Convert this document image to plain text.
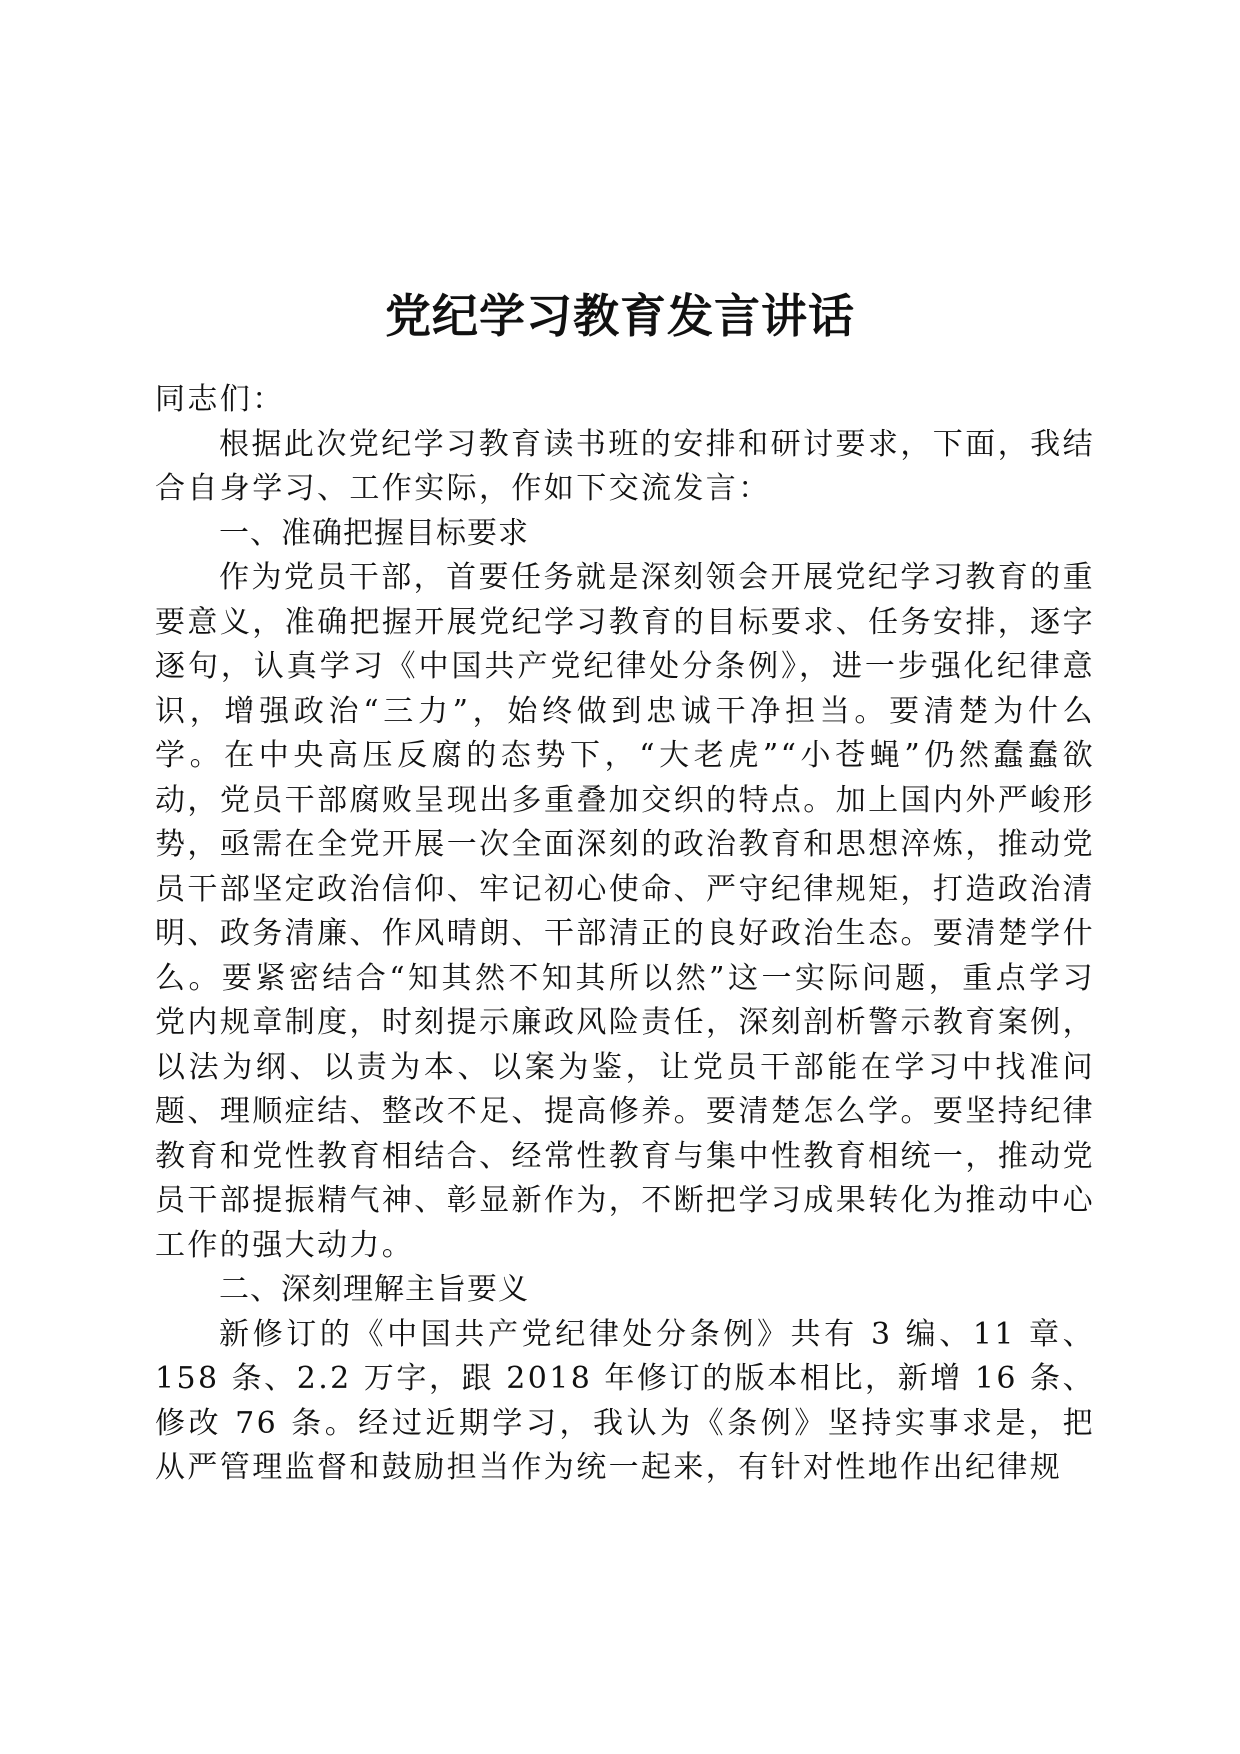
党纪学习教育发言讲话

同志们：

根据此次党纪学习教育读书班的安排和研讨要求，下面，我结合自身学习、工作实际，作如下交流发言：

一、准确把握目标要求

作为党员干部，首要任务就是深刻领会开展党纪学习教育的重要意义，准确把握开展党纪学习教育的目标要求、任务安排，逐字逐句，认真学习《中国共产党纪律处分条例》，进一步强化纪律意识，增强政治“三力”，始终做到忠诚干净担当。要清楚为什么学。在中央高压反腐的态势下，“大老虎”“小苍蝇”仍然蠢蠢欲动，党员干部腐败呈现出多重叠加交织的特点。加上国内外严峻形势，亟需在全党开展一次全面深刻的政治教育和思想淬炼，推动党员干部坚定政治信仰、牢记初心使命、严守纪律规矩，打造政治清明、政务清廉、作风晴朗、干部清正的良好政治生态。要清楚学什么。要紧密结合“知其然不知其所以然”这一实际问题，重点学习党内规章制度，时刻提示廉政风险责任，深刻剖析警示教育案例，以法为纲、以责为本、以案为鉴，让党员干部能在学习中找准问题、理顺症结、整改不足、提高修养。要清楚怎么学。要坚持纪律教育和党性教育相结合、经常性教育与集中性教育相统一，推动党员干部提振精气神、彰显新作为，不断把学习成果转化为推动中心工作的强大动力。

二、深刻理解主旨要义

新修订的《中国共产党纪律处分条例》共有 3 编、11 章、158 条、2.2 万字，跟 2018 年修订的版本相比，新增 16 条、修改 76 条。经过近期学习，我认为《条例》坚持实事求是，把从严管理监督和鼓励担当作为统一起来，有针对性地作出纪律规
